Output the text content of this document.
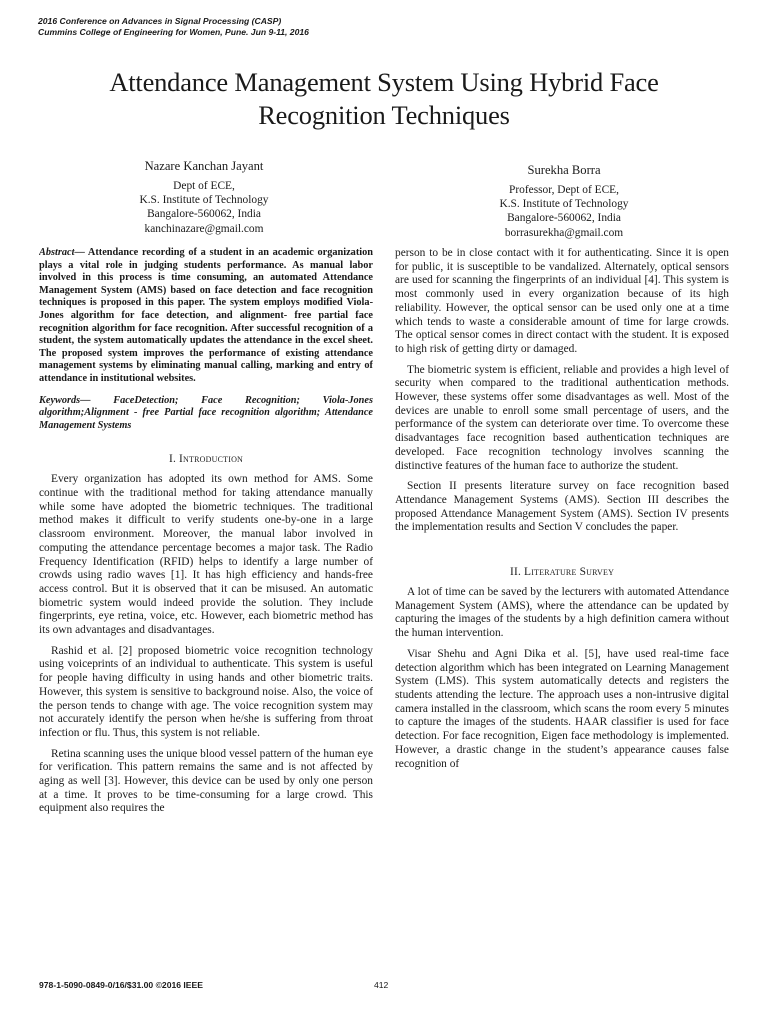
2016 Conference on Advances in Signal Processing (CASP)
Cummins College of Engineering for Women, Pune. Jun 9-11, 2016
Attendance Management System Using Hybrid Face
Recognition Techniques
Nazare Kanchan Jayant
Dept of ECE,
K.S. Institute of Technology
Bangalore-560062, India
kanchinazare@gmail.com
Surekha Borra
Professor, Dept of ECE,
K.S. Institute of Technology
Bangalore-560062, India
borrasurekha@gmail.com

Abstract— Attendance recording of a student in an academic organization plays a vital role in judging students performance. As manual labor involved in this process is time consuming, an automated Attendance Management System (AMS) based on face detection and face recognition techniques is proposed in this paper. The system employs modified Viola-Jones algorithm for face detection, and alignment- free partial face recognition algorithm for face recognition. After successful recognition of a student, the system automatically updates the attendance in the excel sheet. The proposed system improves the performance of existing attendance management systems by eliminating manual calling, marking and entry of attendance in institutional websites.

Keywords— FaceDetection; Face Recognition; Viola-Jones algorithm;Alignment - free Partial face recognition algorithm; Attendance Management Systems

I. Introduction

Every organization has adopted its own method for AMS. Some continue with the traditional method for taking attendance manually while some have adopted the biometric techniques. The traditional method makes it difficult to verify students one-by-one in a large classroom environment. Moreover, the manual labor involved in computing the attendance percentage becomes a major task. The Radio Frequency Identification (RFID) helps to identify a large number of crowds using radio waves [1]. It has high efficiency and hands-free access control. But it is observed that it can be misused. An automatic biometric system would indeed provide the solution. They include fingerprints, eye retina, voice, etc. However, each biometric method has its own advantages and disadvantages.

Rashid et al. [2] proposed biometric voice recognition technology using voiceprints of an individual to authenticate. This system is useful for people having difficulty in using hands and other biometric traits. However, this system is sensitive to background noise. Also, the voice of the person tends to change with age. The voice recognition system may not accurately identify the person when he/she is suffering from throat infection or flu. Thus, this system is not reliable.

Retina scanning uses the unique blood vessel pattern of the human eye for verification. This pattern remains the same and is not affected by aging as well [3]. However, this device can be used by only one person at a time. It proves to be time-consuming for a large crowd. This equipment also requires the

person to be in close contact with it for authenticating. Since it is open for public, it is susceptible to be vandalized. Alternately, optical sensors are used for scanning the fingerprints of an individual [4]. This system is most commonly used in every organization because of its high reliability. However, the optical sensor can be used only one at a time which tends to waste a considerable amount of time for large crowds. The optical sensor comes in direct contact with the student. It is exposed to high risk of getting dirty or damaged.

The biometric system is efficient, reliable and provides a high level of security when compared to the traditional authentication methods. However, these systems offer some disadvantages as well. Most of the devices are unable to enroll some small percentage of users, and the performance of the system can deteriorate over time. To overcome these disadvantages face recognition based authentication techniques are developed. Face recognition technology involves scanning the distinctive features of the human face to authorize the student.

Section II presents literature survey on face recognition based Attendance Management Systems (AMS). Section III describes the proposed Attendance Management System (AMS). Section IV presents the implementation results and Section V concludes the paper.

II. Literature Survey

A lot of time can be saved by the lecturers with automated Attendance Management System (AMS), where the attendance can be updated by capturing the images of the students by a high definition camera without the human intervention.

Visar Shehu and Agni Dika et al. [5], have used real-time face detection algorithm which has been integrated on Learning Management System (LMS). This system automatically detects and registers the students attending the lecture. The approach uses a non-intrusive digital camera installed in the classroom, which scans the room every 5 minutes to capture the images of the students. HAAR classifier is used for face detection. For face recognition, Eigen face methodology is implemented. However, a drastic change in the student’s appearance causes false recognition of

978-1-5090-0849-0/16/$31.00 ©2016 IEEE	412
